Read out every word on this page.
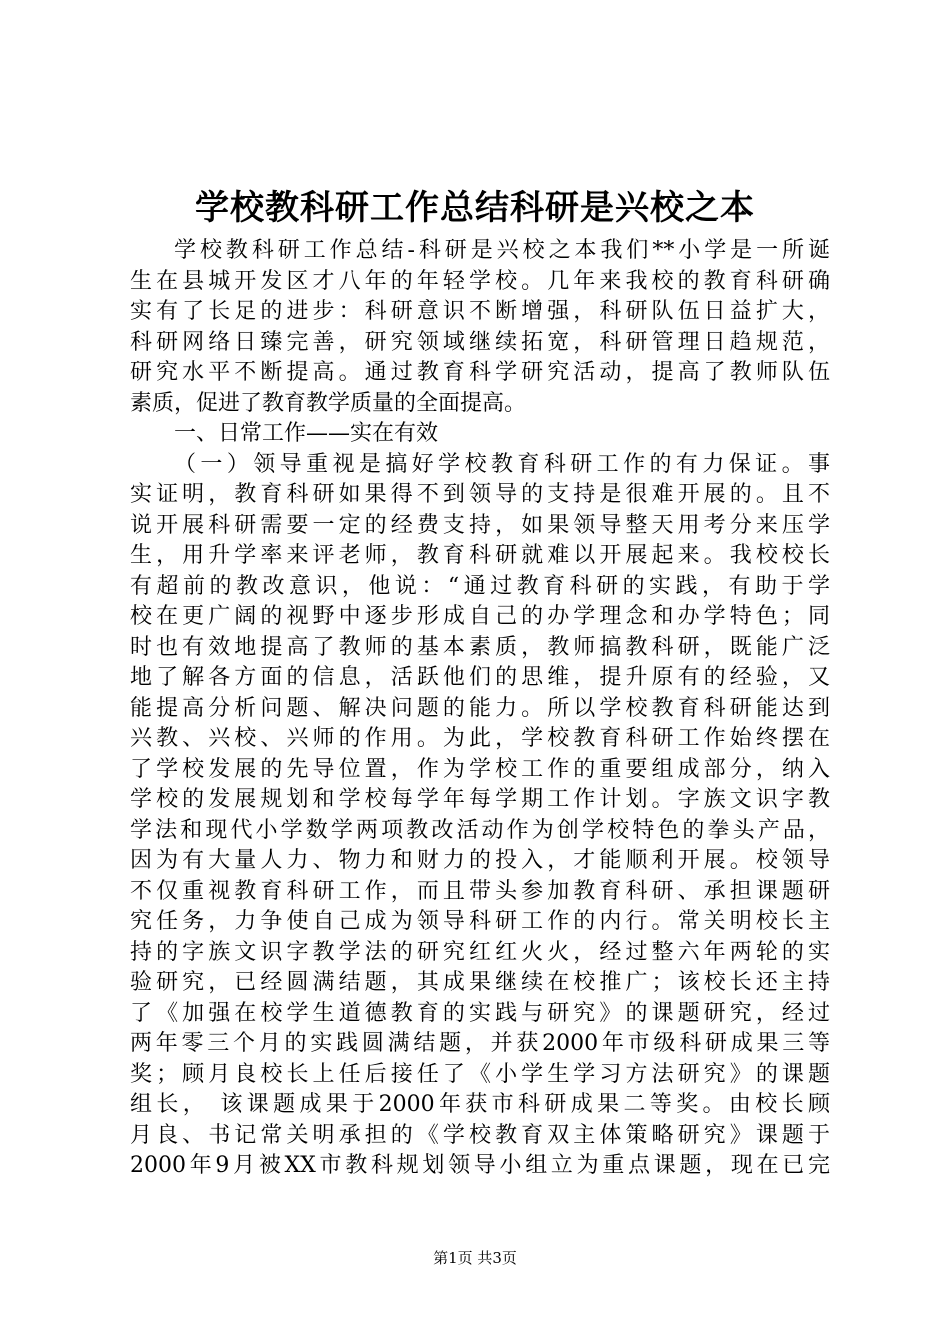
学校教科研工作总结科研是兴校之本
学校教科研工作总结-科研是兴校之本我们**小学是一所诞
生在县城开发区才八年的年轻学校。几年来我校的教育科研确
实有了长足的进步：科研意识不断增强，科研队伍日益扩大，
科研网络日臻完善，研究领域继续拓宽，科研管理日趋规范，
研究水平不断提高。通过教育科学研究活动，提高了教师队伍
素质，促进了教育教学质量的全面提高。
一、日常工作——实在有效
（一）领导重视是搞好学校教育科研工作的有力保证。事
实证明，教育科研如果得不到领导的支持是很难开展的。且不
说开展科研需要一定的经费支持，如果领导整天用考分来压学
生，用升学率来评老师，教育科研就难以开展起来。我校校长
有超前的教改意识，他说：“通过教育科研的实践，有助于学
校在更广阔的视野中逐步形成自己的办学理念和办学特色；同
时也有效地提高了教师的基本素质，教师搞教科研，既能广泛
地了解各方面的信息，活跃他们的思维，提升原有的经验，又
能提高分析问题、解决问题的能力。所以学校教育科研能达到
兴教、兴校、兴师的作用。为此，学校教育科研工作始终摆在
了学校发展的先导位置，作为学校工作的重要组成部分，纳入
学校的发展规划和学校每学年每学期工作计划。字族文识字教
学法和现代小学数学两项教改活动作为创学校特色的拳头产品，
因为有大量人力、物力和财力的投入，才能顺利开展。校领导
不仅重视教育科研工作，而且带头参加教育科研、承担课题研
究任务，力争使自己成为领导科研工作的内行。常关明校长主
持的字族文识字教学法的研究红红火火，经过整六年两轮的实
验研究，已经圆满结题，其成果继续在校推广；该校长还主持
了《加强在校学生道德教育的实践与研究》的课题研究，经过
两年零三个月的实践圆满结题，并获2000年市级科研成果三等
奖；顾月良校长上任后接任了《小学生学习方法研究》的课题
组长， 该课题成果于2000年获市科研成果二等奖。由校长顾
月良、书记常关明承担的《学校教育双主体策略研究》课题于
2000年9月被XX市教科规划领导小组立为重点课题，现在已完
第1页 共3页
